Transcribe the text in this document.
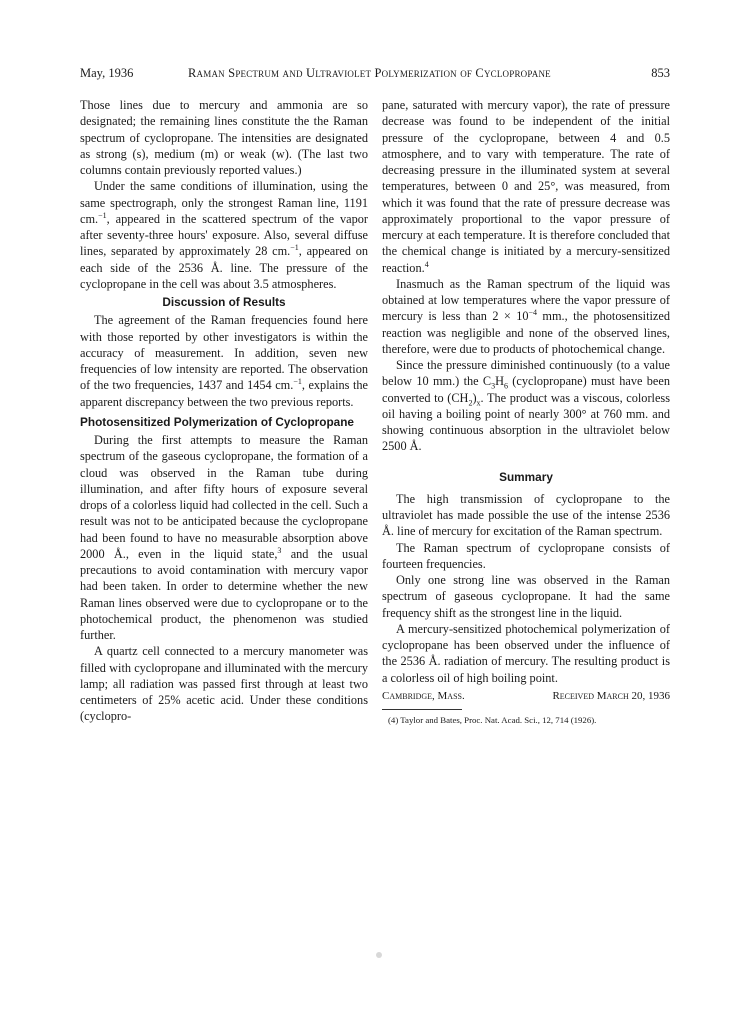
May, 1936	Raman Spectrum and Ultraviolet Polymerization of Cyclopropane	853

Those lines due to mercury and ammonia are so designated; the remaining lines constitute the the Raman spectrum of cyclopropane. The intensities are designated as strong (s), medium (m) or weak (w). (The last two columns contain previously reported values.)

Under the same conditions of illumination, using the same spectrograph, only the strongest Raman line, 1191 cm.$^{-1}$, appeared in the scattered spectrum of the vapor after seventy-three hours' exposure. Also, several diffuse lines, separated by approximately 28 cm.$^{-1}$, appeared on each side of the 2536 Å. line. The pressure of the cyclopropane in the cell was about 3.5 atmospheres.

Discussion of Results

The agreement of the Raman frequencies found here with those reported by other investigators is within the accuracy of measurement. In addition, seven new frequencies of low intensity are reported. The observation of the two frequencies, 1437 and 1454 cm.$^{-1}$, explains the apparent discrepancy between the two previous reports.

Photosensitized Polymerization of Cyclopropane

During the first attempts to measure the Raman spectrum of the gaseous cyclopropane, the formation of a cloud was observed in the Raman tube during illumination, and after fifty hours of exposure several drops of a colorless liquid had collected in the cell. Such a result was not to be anticipated because the cyclopropane had been found to have no measurable absorption above 2000 Å., even in the liquid state,$^3$ and the usual precautions to avoid contamination with mercury vapor had been taken. In order to determine whether the new Raman lines observed were due to cyclopropane or to the photochemical product, the phenomenon was studied further.

A quartz cell connected to a mercury manometer was filled with cyclopropane and illuminated with the mercury lamp; all radiation was passed first through at least two centimeters of 25% acetic acid. Under these conditions (cyclopro-

pane, saturated with mercury vapor), the rate of pressure decrease was found to be independent of the initial pressure of the cyclopropane, between 4 and 0.5 atmosphere, and to vary with temperature. The rate of decreasing pressure in the illuminated system at several temperatures, between 0 and 25°, was measured, from which it was found that the rate of pressure decrease was approximately proportional to the vapor pressure of mercury at each temperature. It is therefore concluded that the chemical change is initiated by a mercury-sensitized reaction.$^4$

Inasmuch as the Raman spectrum of the liquid was obtained at low temperatures where the vapor pressure of mercury is less than $2 \times 10^{-4}$ mm., the photosensitized reaction was negligible and none of the observed lines, therefore, were due to products of photochemical change.

Since the pressure diminished continuously (to a value below 10 mm.) the $C_3H_6$ (cyclopropane) must have been converted to $(CH_2)_x$. The product was a viscous, colorless oil having a boiling point of nearly 300° at 760 mm. and showing continuous absorption in the ultraviolet below 2500 Å.

Summary

The high transmission of cyclopropane to the ultraviolet has made possible the use of the intense 2536 Å. line of mercury for excitation of the Raman spectrum.

The Raman spectrum of cyclopropane consists of fourteen frequencies.

Only one strong line was observed in the Raman spectrum of gaseous cyclopropane. It had the same frequency shift as the strongest line in the liquid.

A mercury-sensitized photochemical polymerization of cyclopropane has been observed under the influence of the 2536 Å. radiation of mercury. The resulting product is a colorless oil of high boiling point.

Cambridge, Mass.	Received March 20, 1936
(4) Taylor and Bates, Proc. Nat. Acad. Sci., 12, 714 (1926).
